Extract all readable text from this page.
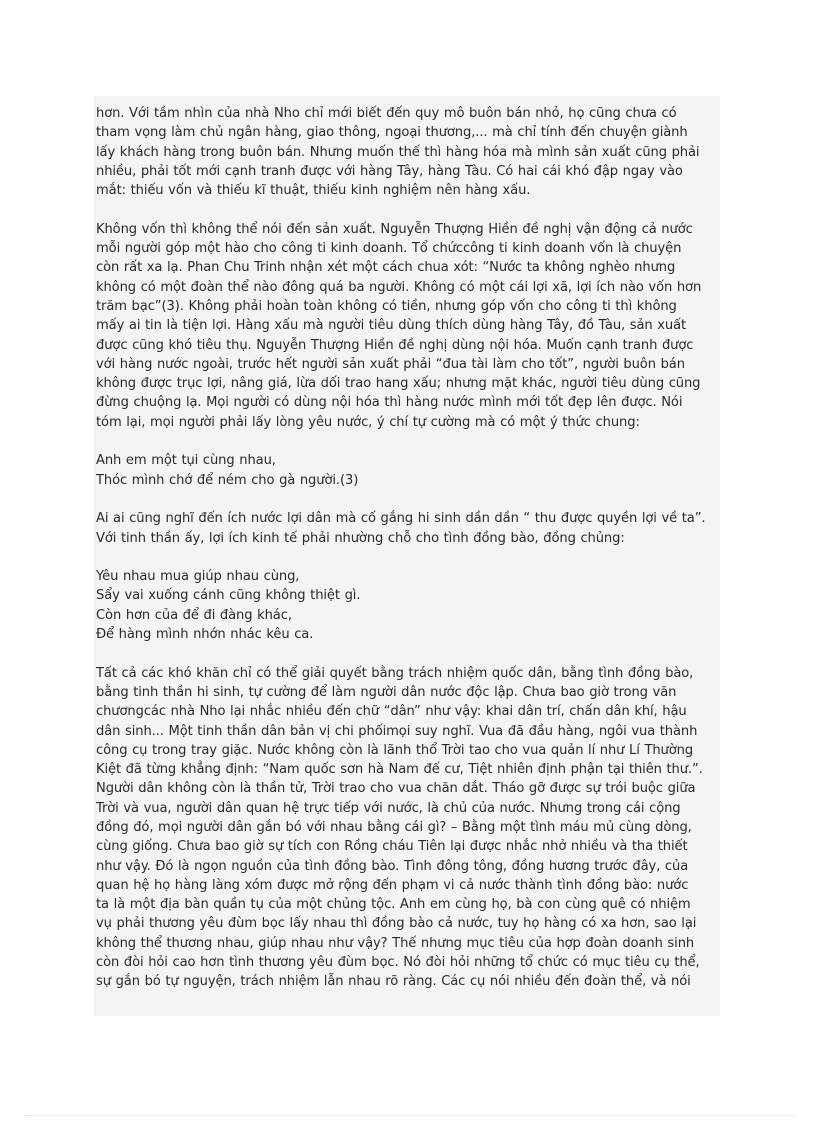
hơn. Với tầm nhìn của nhà Nho chỉ mới biết đến quy mô buôn bán nhỏ, họ cũng chưa có
tham vọng làm chủ ngân hàng, giao thông, ngoại thương,... mà chỉ tính đến chuyện giành
lấy khách hàng trong buôn bán. Nhưng muốn thế thì hàng hóa mà mình sản xuất cũng phải
nhiều, phải tốt mới cạnh tranh được với hàng Tây, hàng Tàu. Có hai cái khó đập ngay vào
mắt: thiếu vốn và thiếu kĩ thuật, thiếu kinh nghiệm nên hàng xấu.

Không vốn thì không thể nói đến sản xuất. Nguyễn Thượng Hiền đề nghị vận động cả nước
mỗi người góp một hào cho công ti kinh doanh. Tổ chứccông ti kinh doanh vốn là chuyện
còn rất xa lạ. Phan Chu Trinh nhận xét một cách chua xót: “Nước ta không nghèo nhưng
không có một đoàn thể nào đông quá ba người. Không có một cái lợi xã, lợi ích nào vốn hơn
trăm bạc”(3). Không phải hoàn toàn không có tiền, nhưng góp vốn cho công ti thì không
mấy ai tin là tiện lợi. Hàng xấu mà người tiêu dùng thích dùng hàng Tây, đồ Tàu, sản xuất
được cũng khó tiêu thụ. Nguyễn Thượng Hiền đề nghị dùng nội hóa. Muốn cạnh tranh được
với hàng nước ngoài, trước hết người sản xuất phải “đua tài làm cho tốt”, người buôn bán
không được trục lợi, nâng giá, lừa dối trao hang xấu; nhưng mặt khác, người tiêu dùng cũng
đừng chuộng lạ. Mọi người có dùng nội hóa thì hàng nước mình mới tốt đẹp lên được. Nói
tóm lại, mọi người phải lấy lòng yêu nước, ý chí tự cường mà có một ý thức chung:

Anh em một tụi cùng nhau,
Thóc mình chớ để ném cho gà người.(3)

Ai ai cũng nghĩ đến ích nước lợi dân mà cố gắng hi sinh dần dần “ thu được quyền lợi về ta”.
Với tinh thần ấy, lợi ích kinh tế phải nhường chỗ cho tình đồng bào, đồng chủng:

Yêu nhau mua giúp nhau cùng,
Sẩy vai xuống cánh cũng không thiệt gì.
Còn hơn của để đi đàng khác,
Để hàng mình nhớn nhác kêu ca.

Tất cả các khó khăn chỉ có thể giải quyết bằng trách nhiệm quốc dân, bằng tình đồng bào,
bằng tinh thần hi sinh, tự cường để làm người dân nước độc lập. Chưa bao giờ trong văn
chươngcác nhà Nho lại nhắc nhiều đến chữ “dân” như vậy: khai dân trí, chấn dân khí, hậu
dân sinh... Một tinh thần dân bản vị chi phốimọi suy nghĩ. Vua đã đầu hàng, ngôi vua thành
công cụ trong tray giặc. Nước không còn là lãnh thổ Trời tao cho vua quản lí như Lí Thường
Kiệt đã từng khẳng định: “Nam quốc sơn hà Nam đế cư, Tiệt nhiên định phận tại thiên thư.”.
Người dân không còn là thần tử, Trời trao cho vua chăn dắt. Tháo gỡ được sự trói buộc giữa
Trời và vua, người dân quan hệ trực tiếp với nước, là chủ của nước. Nhưng trong cái cộng
đồng đó, mọi người dân gắn bó với nhau bằng cái gì? – Bằng một tình máu mủ cùng dòng,
cùng giống. Chưa bao giờ sự tích con Rồng cháu Tiên lại được nhắc nhở nhiều và tha thiết
như vậy. Đó là ngọn nguồn của tình đồng bào. Tình đông tông, đồng hương trước đây, của
quan hệ họ hàng làng xóm được mở rộng đến phạm vi cả nước thành tình đồng bào: nước
ta là một địa bàn quần tụ của một chủng tộc. Anh em cùng họ, bà con cùng quê có nhiệm
vụ phải thương yêu đùm bọc lấy nhau thì đồng bào cả nước, tuy họ hàng có xa hơn, sao lại
không thể thương nhau, giúp nhau như vậy? Thế nhưng mục tiêu của hợp đoàn doanh sinh
còn đòi hỏi cao hơn tình thương yêu đùm bọc. Nó đòi hỏi những tổ chức có mục tiêu cụ thể,
sự gắn bó tự nguyện, trách nhiệm lẫn nhau rõ ràng. Các cụ nói nhiều đến đoàn thể, và nói
